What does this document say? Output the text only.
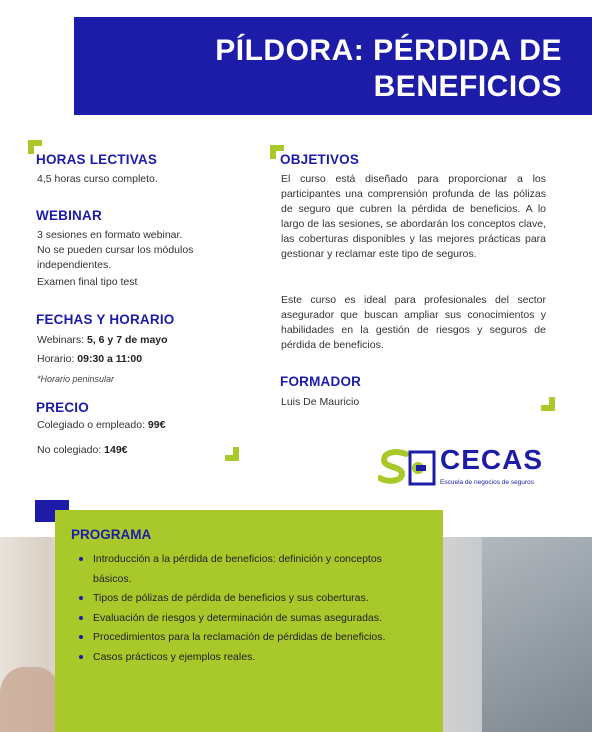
PÍLDORA: PÉRDIDA DE
BENEFICIOS
HORAS LECTIVAS
4,5 horas curso completo.
WEBINAR
3 sesiones en formato webinar.
No se pueden cursar los módulos
independientes.
Examen final tipo test
FECHAS Y HORARIO
Webinars: 5, 6 y 7 de mayo
Horario: 09:30 a 11:00
*Horario peninsular
PRECIO
Colegiado o empleado: 99€
No colegiado: 149€
OBJETIVOS
El curso está diseñado para proporcionar a los participantes una comprensión profunda de las pólizas de seguro que cubren la pérdida de beneficios. A lo largo de las sesiones, se abordarán los conceptos clave, las coberturas disponibles y las mejores prácticas para gestionar y reclamar este tipo de seguros.
Este curso es ideal para profesionales del sector asegurador que buscan ampliar sus conocimientos y habilidades en la gestión de riesgos y seguros de pérdida de beneficios.
FORMADOR
Luis De Mauricio
CECAS
Escuela de negocios de seguros
PROGRAMA
Introducción a la pérdida de beneficios: definición y conceptos básicos.
Tipos de pólizas de pérdida de beneficios y sus coberturas.
Evaluación de riesgos y determinación de sumas aseguradas.
Procedimientos para la reclamación de pérdidas de beneficios.
Casos prácticos y ejemplos reales.
